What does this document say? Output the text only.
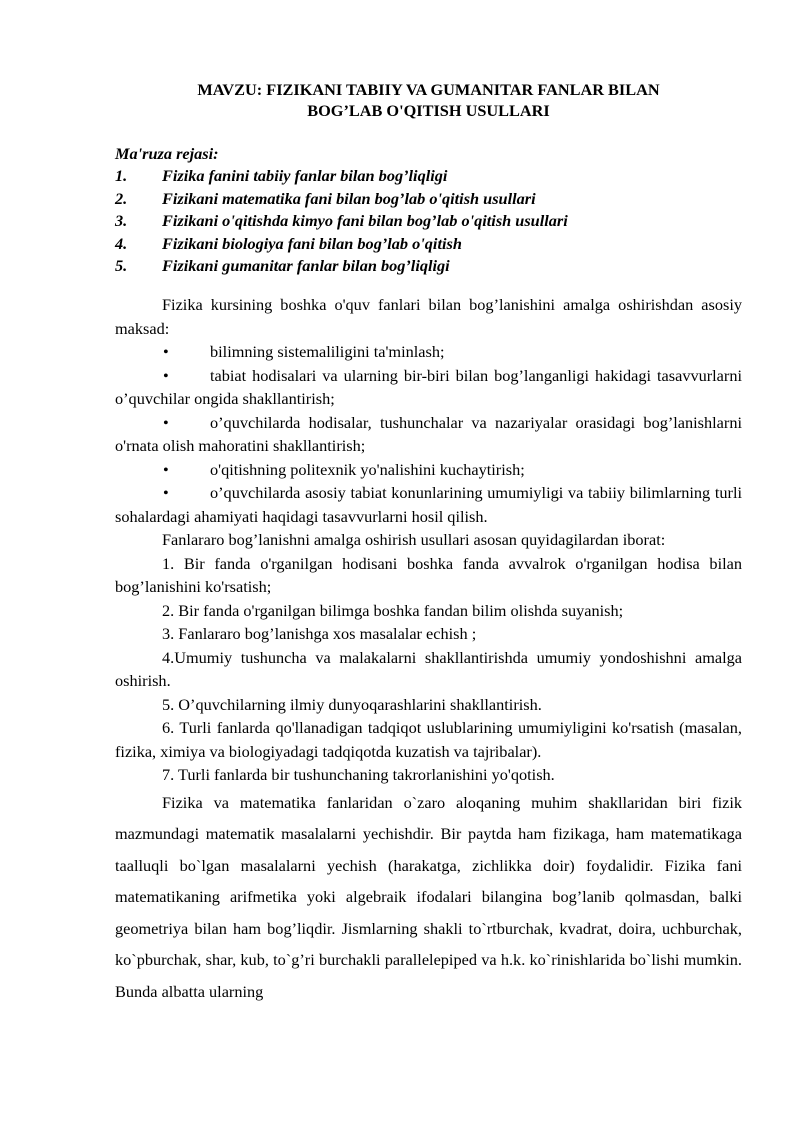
MAVZU: FIZIKANI TABIIY VA GUMANITAR FANLAR BILAN
BOG’LAB O'QITISH USULLARI
Ma'ruza rejasi:
1.	Fizika fanini tabiiy fanlar bilan bog’liqligi
2.	Fizikani matematika fani bilan bog’lab o'qitish usullari
3.	Fizikani o'qitishda kimyo fani bilan bog’lab o'qitish usullari
4.	Fizikani biologiya fani bilan bog’lab o'qitish
5.	Fizikani gumanitar fanlar bilan bog’liqligi

Fizika kursining boshka o'quv fanlari bilan bog’lanishini amalga oshirishdan asosiy maksad:

•	bilimning sistemaliligini ta'minlash;

•	tabiat hodisalari va ularning bir-biri bilan bog’langanligi hakidagi tasavvurlarni o’quvchilar ongida shakllantirish;

•	o’quvchilarda hodisalar, tushunchalar va nazariyalar orasidagi bog’lanishlarni o'rnata olish mahoratini shakllantirish;

•	o'qitishning politexnik yo'nalishini kuchaytirish;

•	o’quvchilarda asosiy tabiat konunlarining umumiyligi va tabiiy bilimlarning turli sohalardagi ahamiyati haqidagi tasavvurlarni hosil qilish.

Fanlararo bog’lanishni amalga oshirish usullari asosan quyidagilardan iborat:

1. Bir fanda o'rganilgan hodisani boshka fanda avvalrok o'rganilgan hodisa bilan bog’lanishini ko'rsatish;

2. Bir fanda o'rganilgan bilimga boshka fandan bilim olishda suyanish;

3. Fanlararo bog’lanishga xos masalalar echish ;

4.Umumiy tushuncha va malakalarni shakllantirishda umumiy yondoshishni amalga oshirish.

5. O’quvchilarning ilmiy dunyoqarashlarini shakllantirish.

6. Turli fanlarda qo'llanadigan tadqiqot uslublarining umumiyligini ko'rsatish (masalan, fizika, ximiya va biologiyadagi tadqiqotda kuzatish va tajribalar).

7. Turli fanlarda bir tushunchaning takrorlanishini yo'qotish.

Fizika va matematika fanlaridan o`zaro aloqaning muhim shakllaridan biri fizik mazmundagi matematik masalalarni yechishdir. Bir paytda ham fizikaga, ham matematikaga taalluqli bo`lgan masalalarni yechish (harakatga, zichlikka doir) foydalidir. Fizika fani matematikaning arifmetika yoki algebraik ifodalari bilangina bog’lanib qolmasdan, balki geometriya bilan ham bog’liqdir. Jismlarning shakli to`rtburchak, kvadrat, doira, uchburchak, ko`pburchak, shar, kub, to`g’ri burchakli parallelepiped va h.k. ko`rinishlarida bo`lishi mumkin. Bunda albatta ularning
